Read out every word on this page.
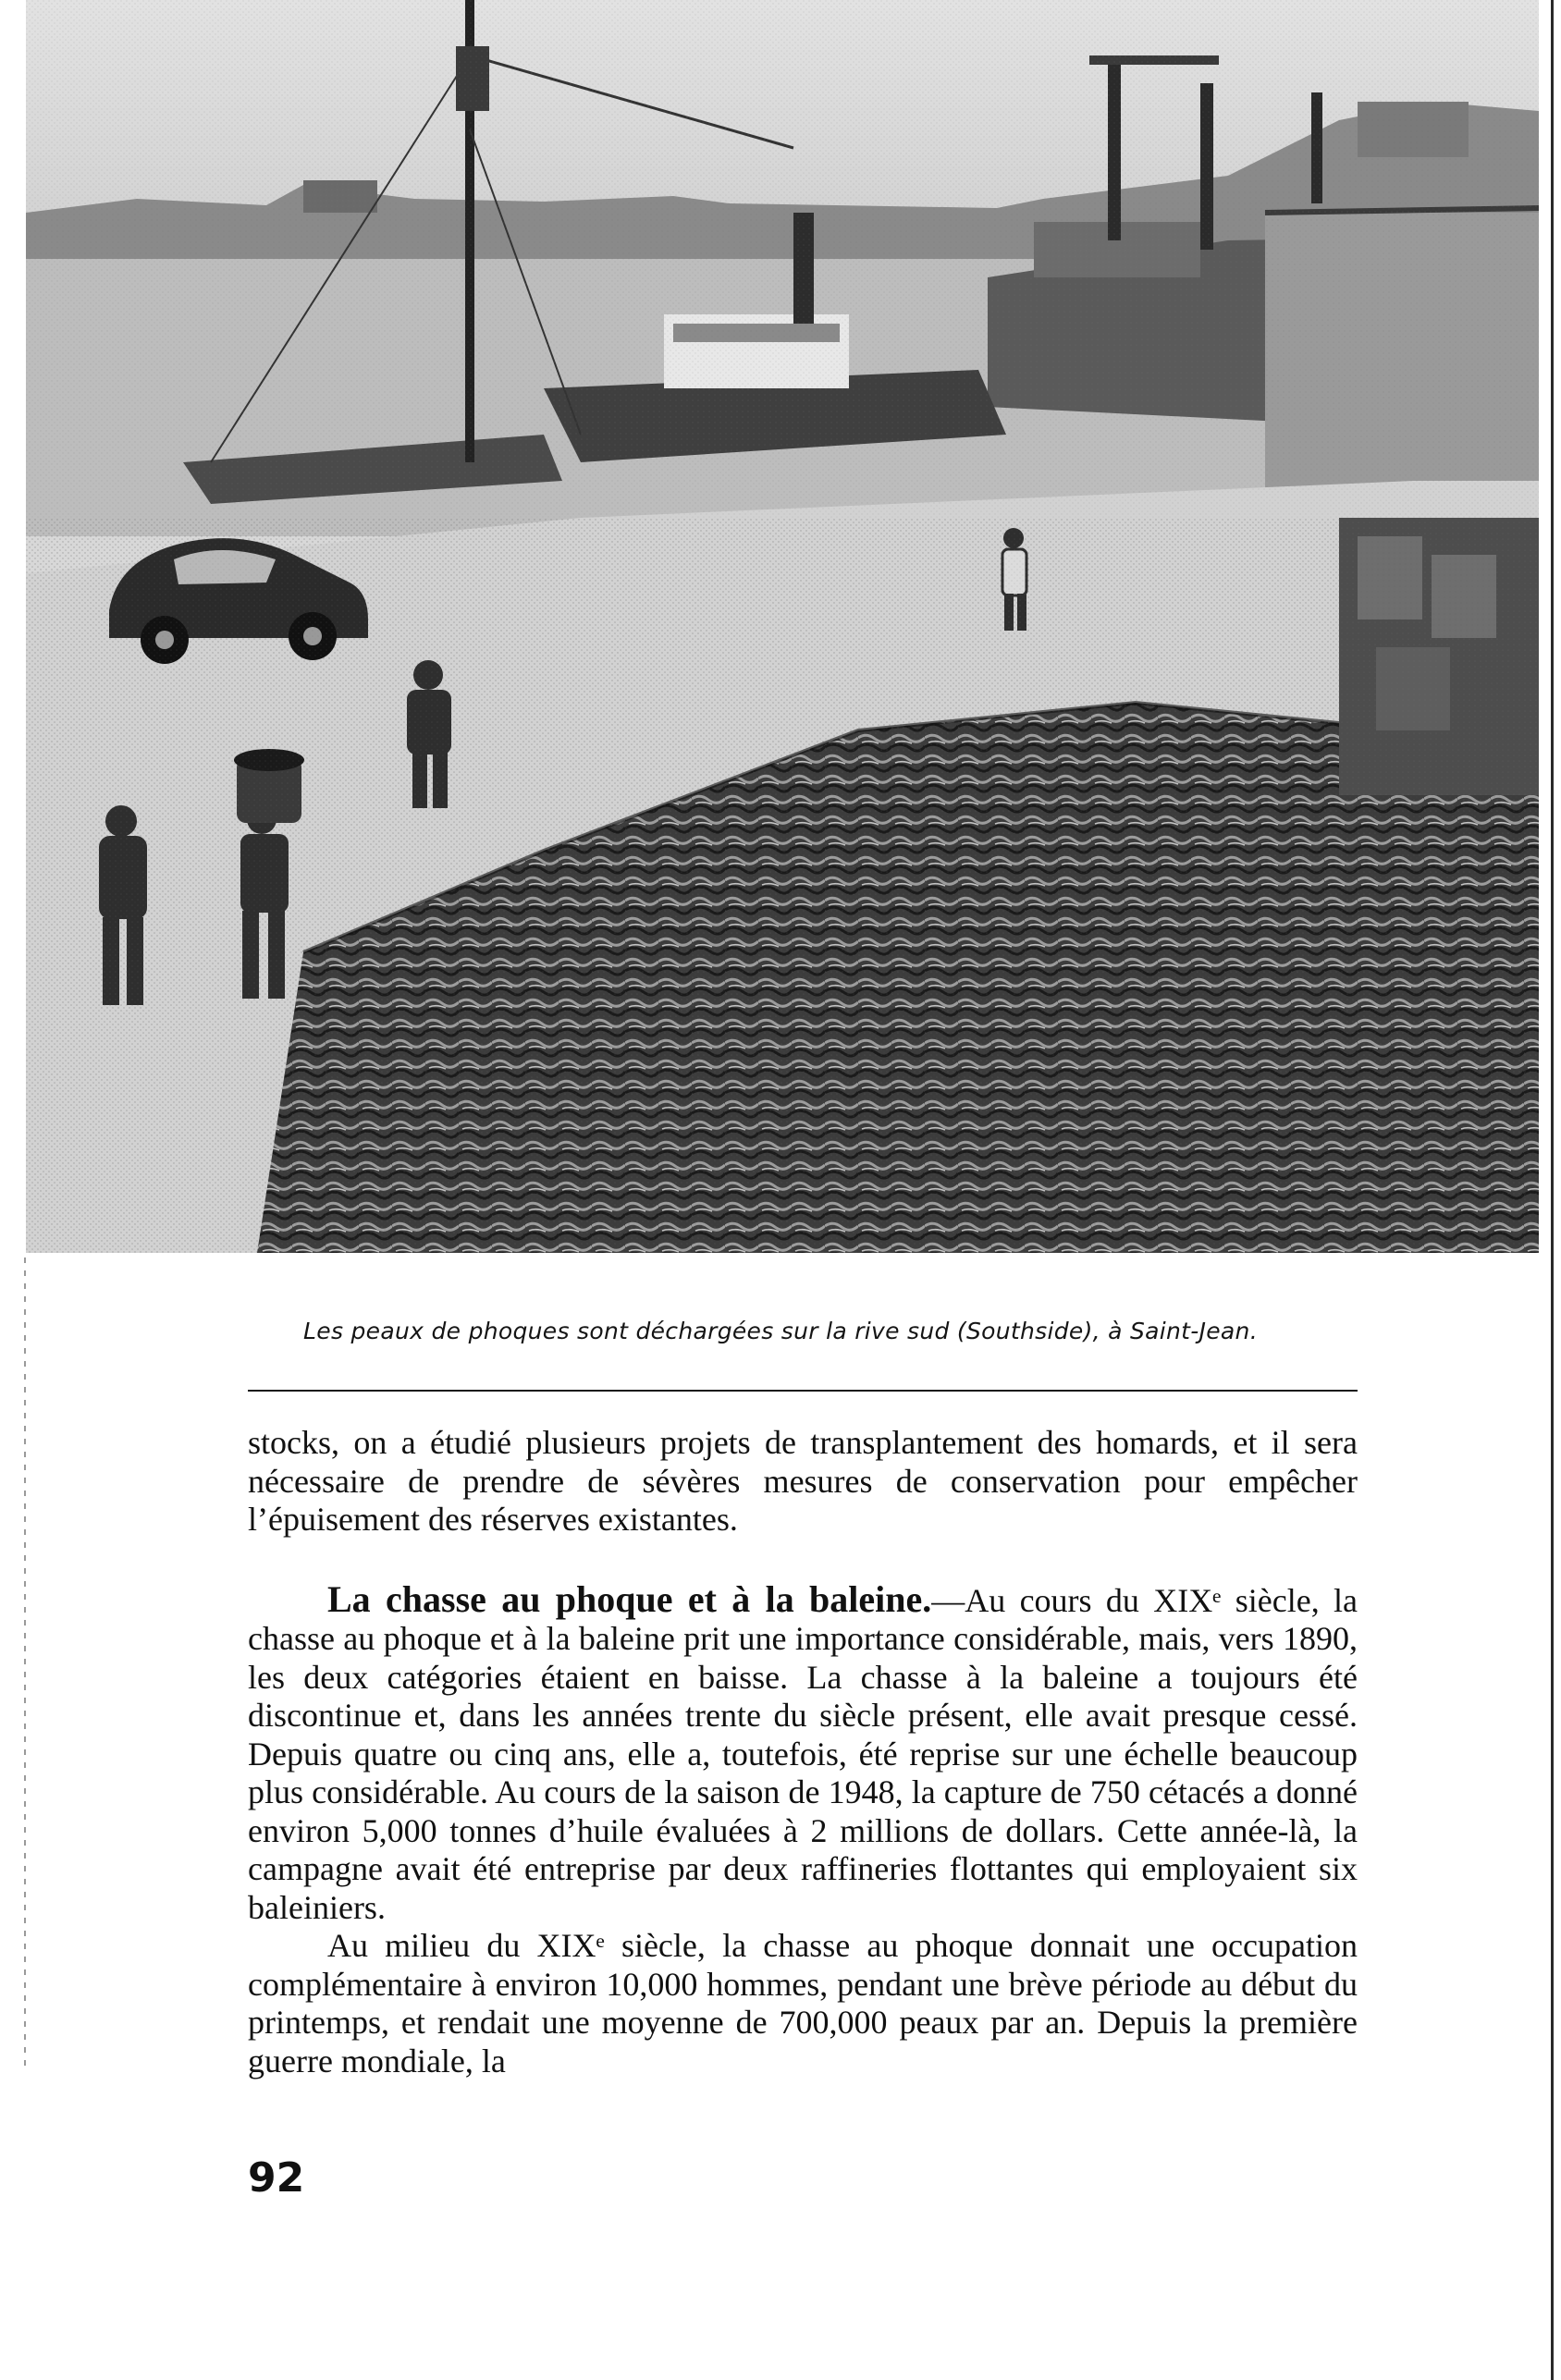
Les peaux de phoques sont déchargées sur la rive sud (Southside), à Saint-Jean.

stocks, on a étudié plusieurs projets de transplantement des homards, et il sera nécessaire de prendre de sévères mesures de conservation pour empêcher l’épuisement des réserves existantes.

La chasse au phoque et à la baleine.—Au cours du XIXᵉ siècle, la chasse au phoque et à la baleine prit une importance considérable, mais, vers 1890, les deux catégories étaient en baisse. La chasse à la baleine a toujours été discontinue et, dans les années trente du siècle présent, elle avait presque cessé. Depuis quatre ou cinq ans, elle a, toutefois, été reprise sur une échelle beaucoup plus considérable. Au cours de la saison de 1948, la capture de 750 cétacés a donné environ 5,000 tonnes d’huile évaluées à 2 millions de dollars. Cette année-là, la campagne avait été entreprise par deux raffineries flottantes qui employaient six baleiniers.

Au milieu du XIXᵉ siècle, la chasse au phoque donnait une occupation complémentaire à environ 10,000 hommes, pendant une brève période au début du printemps, et rendait une moyenne de 700,000 peaux par an. Depuis la première guerre mondiale, la

92
